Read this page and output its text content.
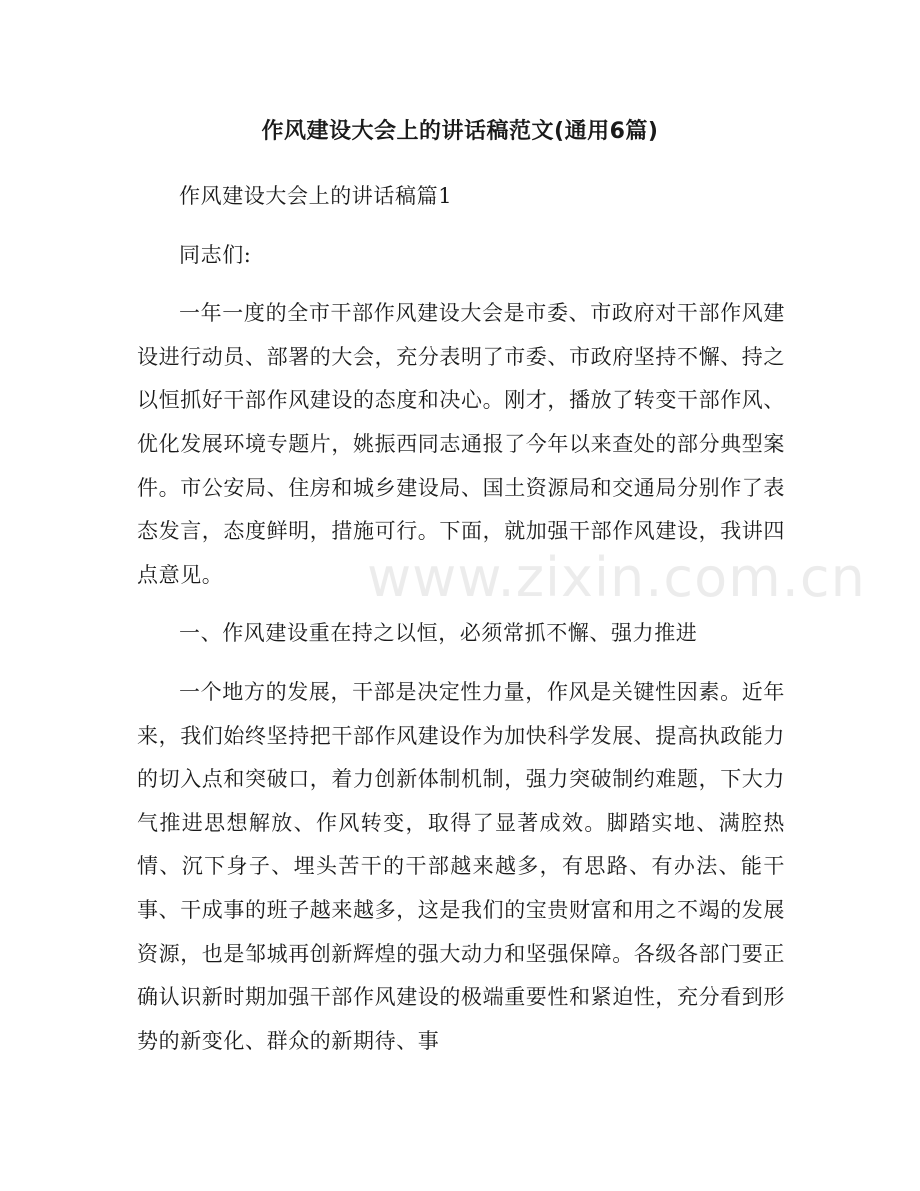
作风建设大会上的讲话稿范文(通用6篇)

作风建设大会上的讲话稿篇1

同志们:

一年一度的全市干部作风建设大会是市委、市政府对干部作风建设进行动员、部署的大会，充分表明了市委、市政府坚持不懈、持之以恒抓好干部作风建设的态度和决心。刚才，播放了转变干部作风、优化发展环境专题片，姚振西同志通报了今年以来查处的部分典型案件。市公安局、住房和城乡建设局、国土资源局和交通局分别作了表态发言，态度鲜明，措施可行。下面，就加强干部作风建设，我讲四点意见。

一、作风建设重在持之以恒，必须常抓不懈、强力推进

一个地方的发展，干部是决定性力量，作风是关键性因素。近年来，我们始终坚持把干部作风建设作为加快科学发展、提高执政能力的切入点和突破口，着力创新体制机制，强力突破制约难题，下大力气推进思想解放、作风转变，取得了显著成效。脚踏实地、满腔热情、沉下身子、埋头苦干的干部越来越多，有思路、有办法、能干事、干成事的班子越来越多，这是我们的宝贵财富和用之不竭的发展资源，也是邹城再创新辉煌的强大动力和坚强保障。各级各部门要正确认识新时期加强干部作风建设的极端重要性和紧迫性，充分看到形势的新变化、群众的新期待、事

www.zixin.com.cn
